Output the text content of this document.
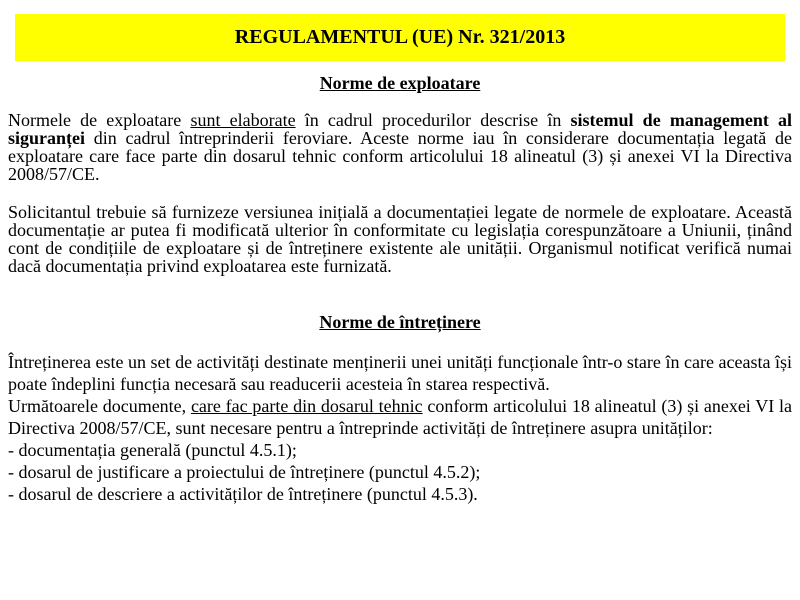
REGULAMENTUL (UE) Nr. 321/2013
Norme de exploatare

Normele de exploatare sunt elaborate în cadrul procedurilor descrise în sistemul de management al siguranței din cadrul întreprinderii feroviare. Aceste norme iau în considerare documentația legată de exploatare care face parte din dosarul tehnic conform articolului 18 alineatul (3) și anexei VI la Directiva 2008/57/CE.

Solicitantul trebuie să furnizeze versiunea inițială a documentației legate de normele de exploatare. Această documentație ar putea fi modificată ulterior în conformitate cu legislația corespunzătoare a Uniunii, ținând cont de condițiile de exploatare și de întreținere existente ale unității. Organismul notificat verifică numai dacă documentația privind exploatarea este furnizată.

Norme de întreținere

Întreținerea este un set de activități destinate menținerii unei unități funcționale într-o stare în care aceasta își poate îndeplini funcția necesară sau readucerii acesteia în starea respectivă.

Următoarele documente, care fac parte din dosarul tehnic conform articolului 18 alineatul (3) și anexei VI la Directiva 2008/57/CE, sunt necesare pentru a întreprinde activități de întreținere asupra unităților:

- documentația generală (punctul 4.5.1);
- dosarul de justificare a proiectului de întreținere (punctul 4.5.2);
- dosarul de descriere a activităților de întreținere (punctul 4.5.3).
